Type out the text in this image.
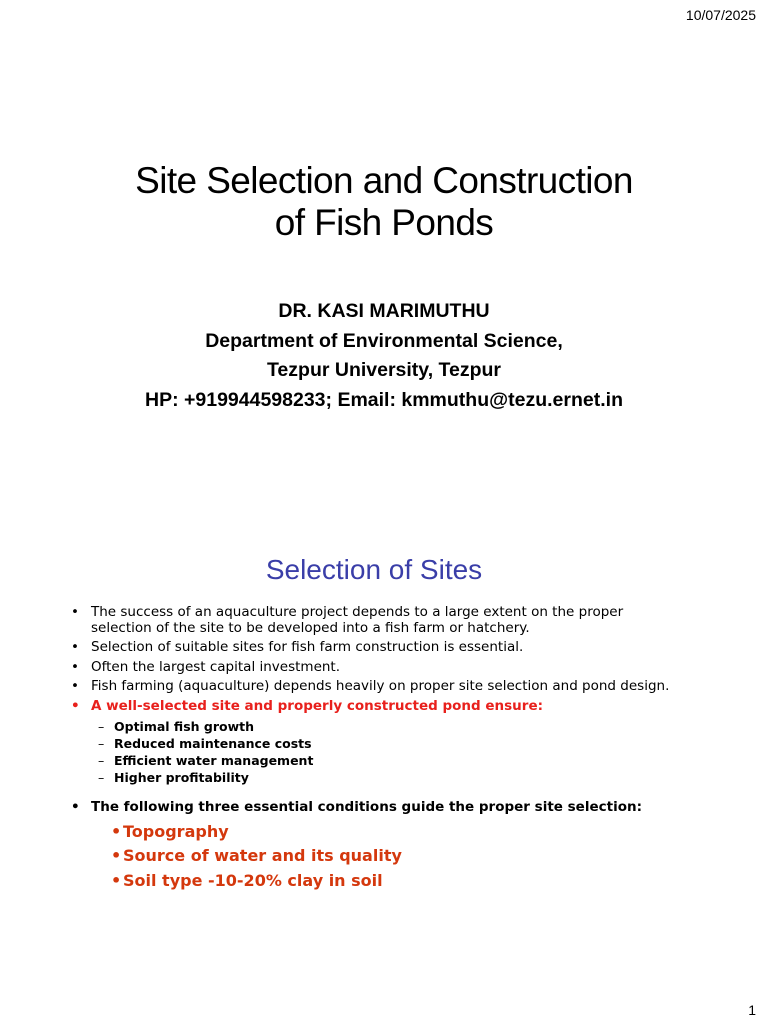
10/07/2025
Site Selection and Construction
of Fish Ponds
DR. KASI MARIMUTHU
Department of Environmental Science,
Tezpur University, Tezpur
HP: +919944598233; Email: kmmuthu@tezu.ernet.in
Selection of Sites
• The success of an aquaculture project depends to a large extent on the proper selection of the site to be developed into a fish farm or hatchery.
• Selection of suitable sites for fish farm construction is essential.
• Often the largest capital investment.
• Fish farming (aquaculture) depends heavily on proper site selection and pond design.
• A well-selected site and properly constructed pond ensure:
– Optimal fish growth
– Reduced maintenance costs
– Efficient water management
– Higher profitability
• The following three essential conditions guide the proper site selection:
• Topography
• Source of water and its quality
• Soil type -10-20% clay in soil
1
